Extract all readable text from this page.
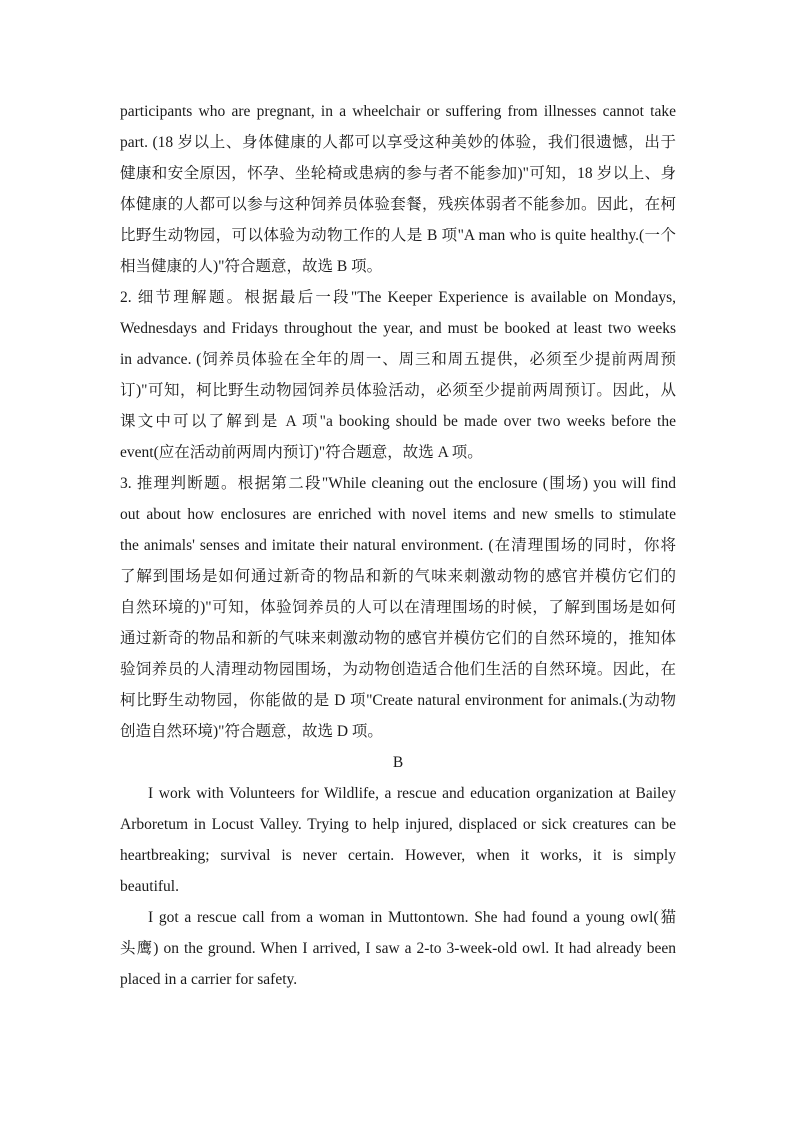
participants who are pregnant, in a wheelchair or suffering from illnesses cannot take
part. (18 岁以上、身体健康的人都可以享受这种美妙的体验，我们很遗憾，出于
健康和安全原因，怀孕、坐轮椅或患病的参与者不能参加)"可知，18 岁以上、身
体健康的人都可以参与这种饲养员体验套餐，残疾体弱者不能参加。因此，在柯
比野生动物园，可以体验为动物工作的人是 B 项"A man who is quite healthy.(一个
相当健康的人)"符合题意，故选 B 项。
2. 细节理解题。根据最后一段"The Keeper Experience is available on Mondays,
Wednesdays and Fridays throughout the year, and must be booked at least two weeks
in advance. (饲养员体验在全年的周一、周三和周五提供，必须至少提前两周预
订)"可知，柯比野生动物园饲养员体验活动，必须至少提前两周预订。因此，从
课文中可以了解到是 A 项"a booking should be made over two weeks before the
event(应在活动前两周内预订)"符合题意，故选 A 项。
3. 推理判断题。根据第二段"While cleaning out the enclosure (围场) you will find
out about how enclosures are enriched with novel items and new smells to stimulate
the animals' senses and imitate their natural environment. (在清理围场的同时，你将
了解到围场是如何通过新奇的物品和新的气味来刺激动物的感官并模仿它们的
自然环境的)"可知，体验饲养员的人可以在清理围场的时候，了解到围场是如何
通过新奇的物品和新的气味来刺激动物的感官并模仿它们的自然环境的，推知体
验饲养员的人清理动物园围场，为动物创造适合他们生活的自然环境。因此，在
柯比野生动物园，你能做的是 D 项"Create natural environment for animals.(为动物
创造自然环境)"符合题意，故选 D 项。
B
I work with Volunteers for Wildlife, a rescue and education organization at Bailey
Arboretum in Locust Valley. Trying to help injured, displaced or sick creatures can be
heartbreaking; survival is never certain. However, when it works, it is simply
beautiful.
I got a rescue call from a woman in Muttontown. She had found a young owl(猫
头鹰) on the ground. When I arrived, I saw a 2-to 3-week-old owl. It had already been
placed in a carrier for safety.
